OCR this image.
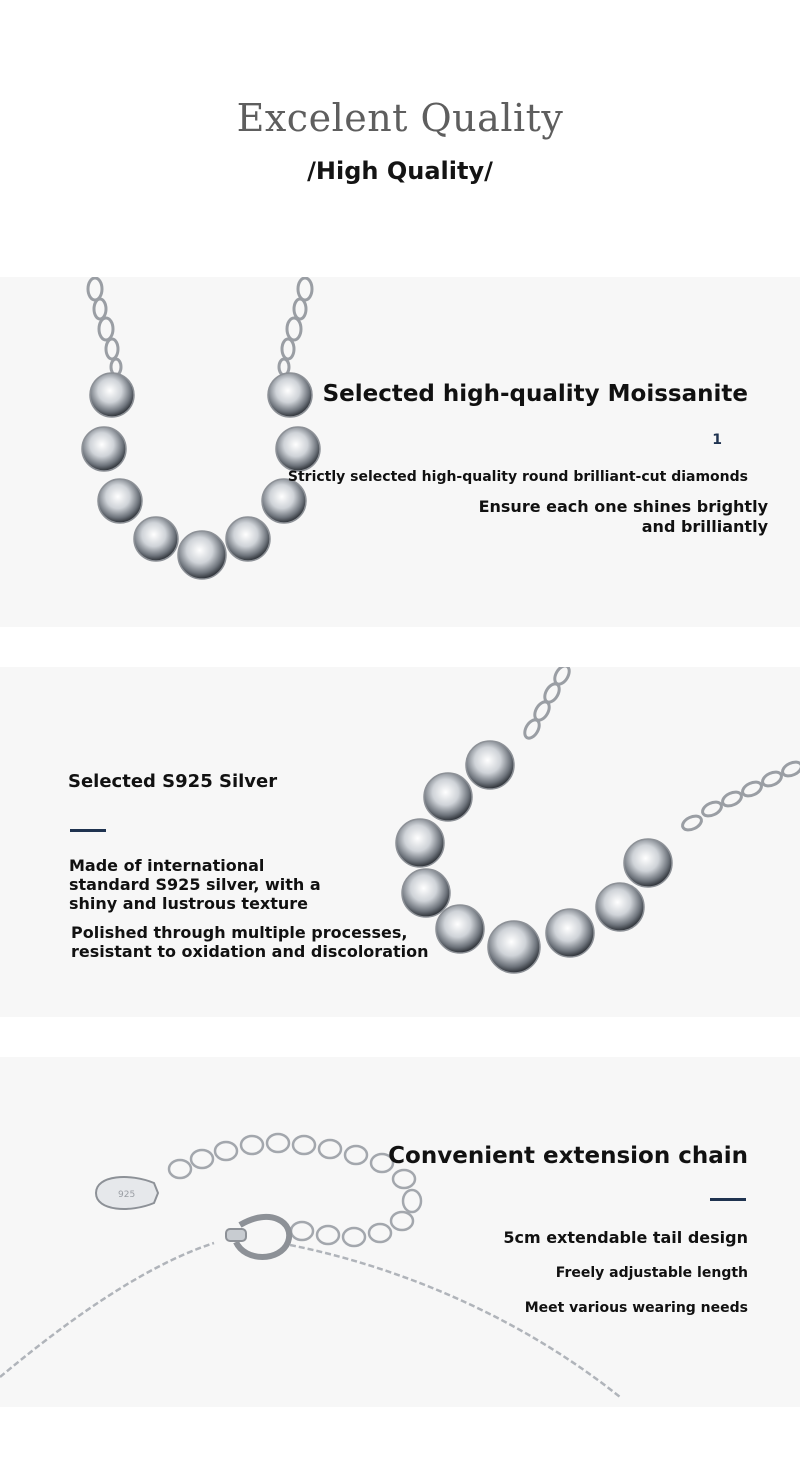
Excelent Quality
/High Quality/
Selected high-quality Moissanite
1
Strictly selected high-quality round brilliant-cut diamonds
Ensure each one shines brightly
and brilliantly
Selected S925 Silver
Made of international
standard S925 silver, with a
shiny and lustrous texture
Polished through multiple processes,
resistant to oxidation and discoloration
925
Convenient extension chain
5cm extendable tail design
Freely adjustable length
Meet various wearing needs
